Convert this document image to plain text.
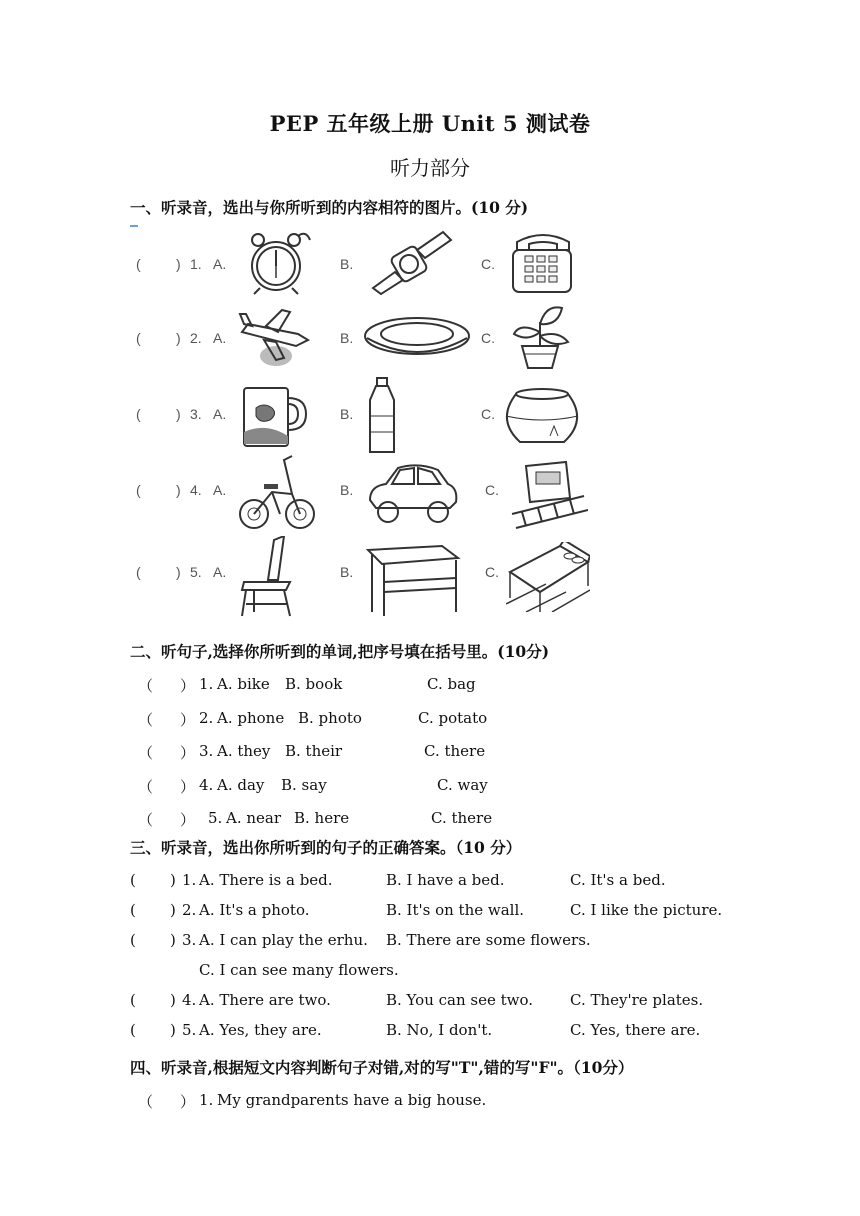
PEP 五年级上册 Unit 5 测试卷
听力部分
一、听录音，选出与你所听到的内容相符的图片。(10 分)
(	) 1. A.	B.	C.
(	) 2. A.	B.	C.
(	) 3. A.	B.	C.
(	) 4. A.	B.	C.
(	) 5. A.	B.	C.
二、听句子,选择你所听到的单词,把序号填在括号里。(10分)
（ ） 1. A. bike B. book	C. bag
（ ） 2. A. phone B. photo	C. potato
（ ） 3. A. they B. their	C. there
（ ） 4. A. day B. say	C. way
（ ） 5. A. near B. here	C. there
三、听录音，选出你所听到的句子的正确答案。（10 分）
( ) 1. A. There is a bed.	B. I have a bed.	C. It's a bed.
( ) 2. A. It's a photo.	B. It's on the wall.	C. I like the picture.
( ) 3. A. I can play the erhu. B. There are some flowers.
C. I can see many flowers.
( ) 4. A. There are two.	B. You can see two. C. They're plates.
( ) 5. A. Yes, they are.	B. No, I don't.	C. Yes, there are.
四、听录音,根据短文内容判断句子对错,对的写"T",错的写"F"。（10分）
（ ） 1. My grandparents have a big house.
